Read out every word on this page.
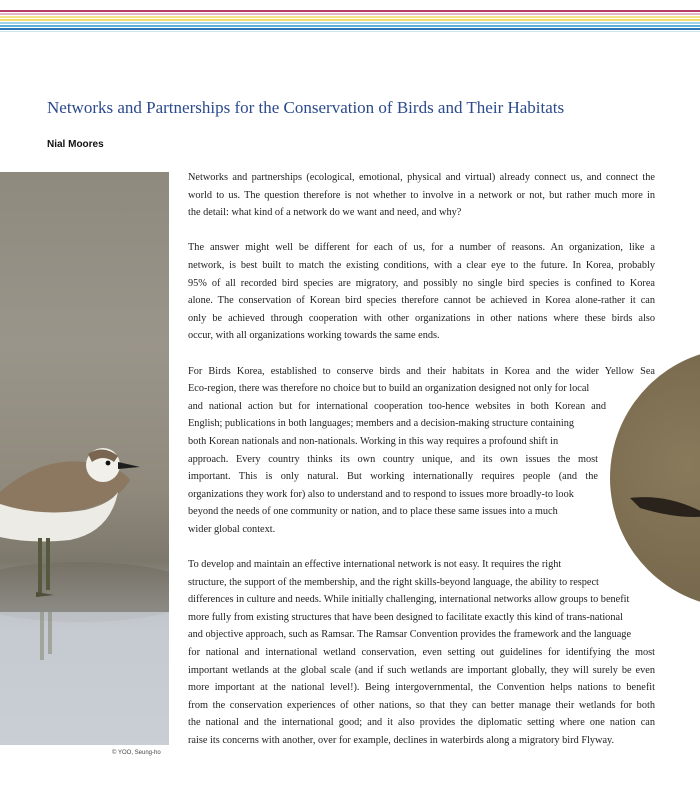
Networks and Partnerships for the Conservation of Birds and Their Habitats

Nial Moores

© YOO, Seung-ho

Networks and partnerships (ecological, emotional, physical and virtual) already connect us, and connect the
world to us. The question therefore is not whether to involve in a network or not, but rather much more in
the detail: what kind of a network do we want and need, and why?

The answer might well be different for each of us, for a number of reasons. An organization, like a
network, is best built to match the existing conditions, with a clear eye to the future. In Korea, probably
95% of all recorded bird species are migratory, and possibly no single bird species is confined to Korea
alone. The conservation of Korean bird species therefore cannot be achieved in Korea alone-rather it can
only be achieved through cooperation with other organizations in other nations where these birds also
occur, with all organizations working towards the same ends.

For Birds Korea, established to conserve birds and their habitats in Korea and the wider Yellow Sea
Eco-region, there was therefore no choice but to build an organization designed not only for local
and national action but for international cooperation too-hence websites in both Korean and
English; publications in both languages; members and a decision-making structure containing
both Korean nationals and non-nationals. Working in this way requires a profound shift in
approach. Every country thinks its own country unique, and its own issues the most
important. This is only natural. But working internationally requires people (and the
organizations they work for) also to understand and to respond to issues more broadly-to look
beyond the needs of one community or nation, and to place these same issues into a much
wider global context.

To develop and maintain an effective international network is not easy. It requires the right
structure, the support of the membership, and the right skills-beyond language, the ability to respect
differences in culture and needs. While initially challenging, international networks allow groups to benefit
more fully from existing structures that have been designed to facilitate exactly this kind of trans-national
and objective approach, such as Ramsar. The Ramsar Convention provides the framework and the language
for national and international wetland conservation, even setting out guidelines for identifying the most
important wetlands at the global scale (and if such wetlands are important globally, they will surely be even
more important at the national level!). Being intergovernmental, the Convention helps nations to benefit
from the conservation experiences of other nations, so that they can better manage their wetlands for both
the national and the international good; and it also provides the diplomatic setting where one nation can
raise its concerns with another, over for example, declines in waterbirds along a migratory bird Flyway.
